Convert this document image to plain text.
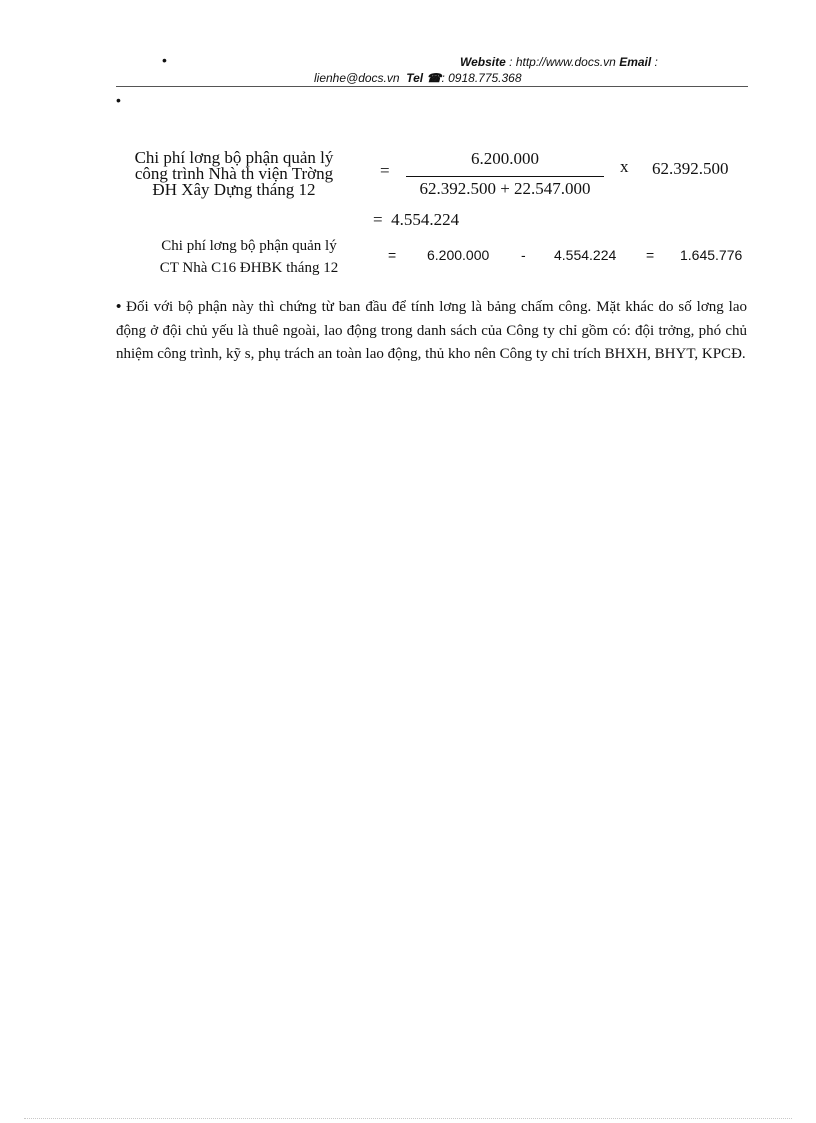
•	Website : http://www.docs.vn Email :
lienhe@docs.vn Tel ☎: 0918.775.368
•
Chi phí lơng bộ phận quản lý
công trình Nhà th viện Trờng
ĐH Xây Dựng tháng 12
=
6.200.000
62.392.500 + 22.547.000
x 62.392.500
= 4.554.224
Chi phí lơng bộ phận quản lý
CT Nhà C16 ĐHBK tháng 12
= 6.200.000 - 4.554.224 = 1.645.776
• Đối với bộ phận này thì chứng từ ban đầu để tính lơng là bảng chấm công. Mặt khác do số lơng lao động ở đội chủ yếu là thuê ngoài, lao động trong danh sách của Công ty chỉ gồm có: đội trởng, phó chủ nhiệm công trình, kỹ s, phụ trách an toàn lao động, thủ kho nên Công ty chỉ trích BHXH, BHYT, KPCĐ.
